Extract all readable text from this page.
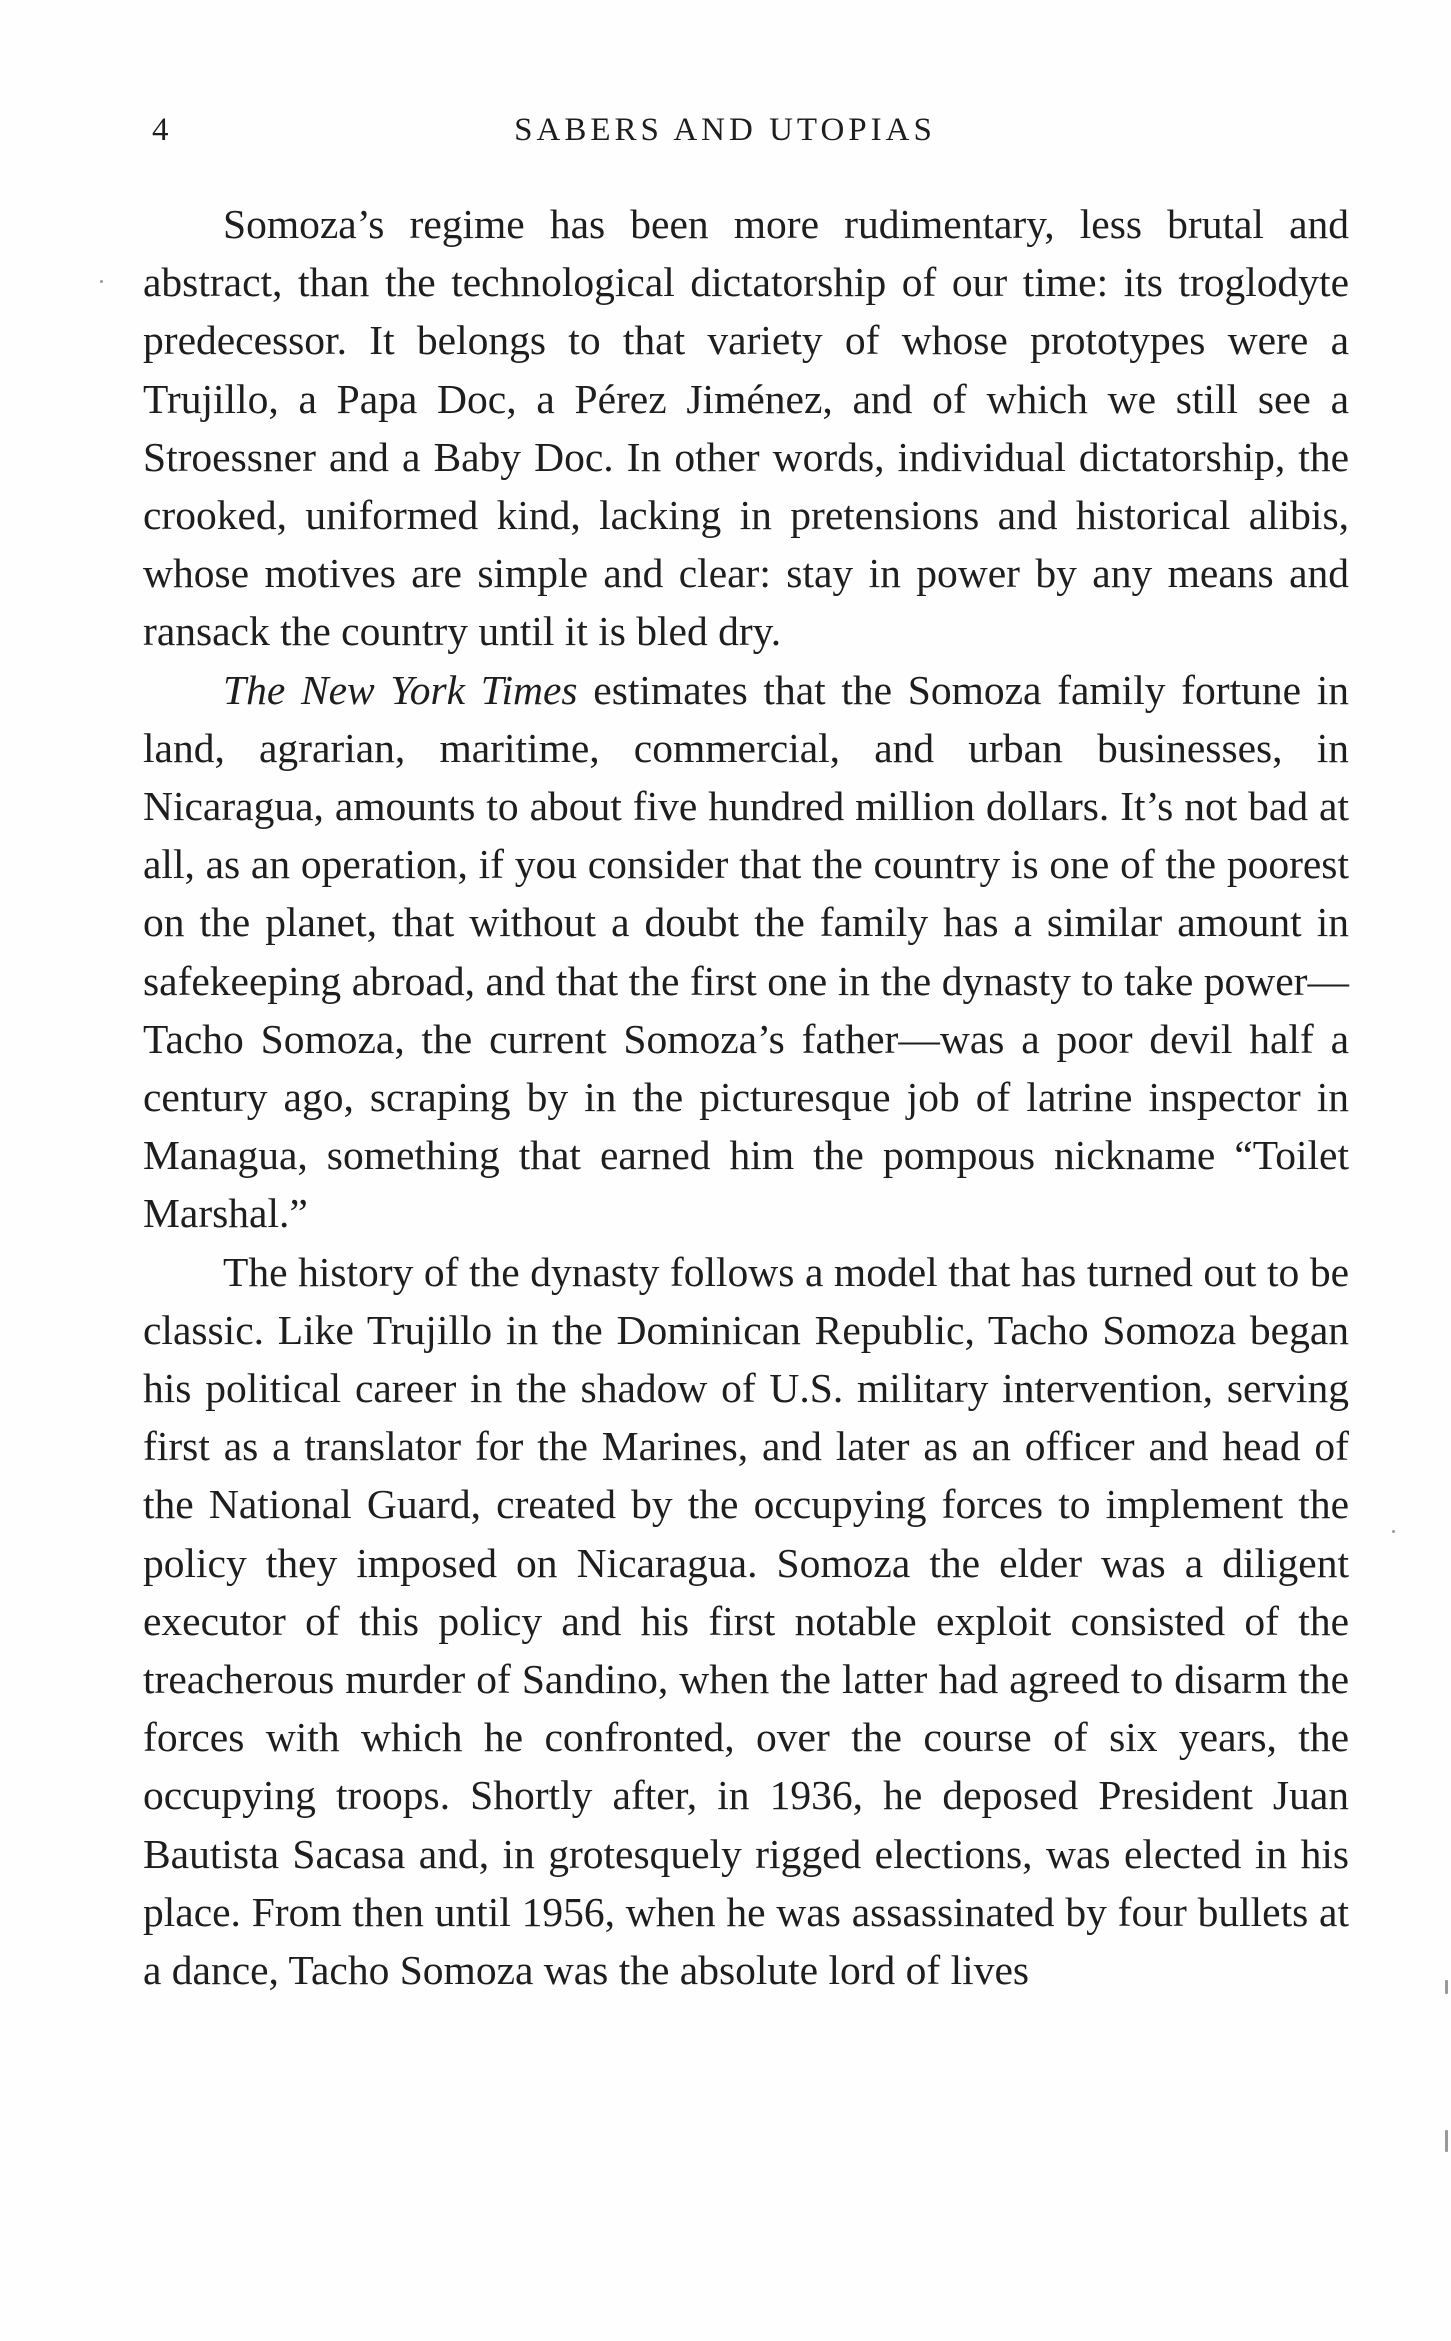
4	SABERS AND UTOPIAS

Somoza’s regime has been more rudimentary, less brutal and abstract, than the technological dictatorship of our time: its troglodyte predecessor. It belongs to that variety of whose prototypes were a Trujillo, a Papa Doc, a Pérez Jiménez, and of which we still see a Stroessner and a Baby Doc. In other words, individual dictatorship, the crooked, uniformed kind, lacking in pretensions and historical alibis, whose motives are simple and clear: stay in power by any means and ransack the country until it is bled dry.

The New York Times estimates that the Somoza family fortune in land, agrarian, maritime, commercial, and urban businesses, in Nicaragua, amounts to about five hundred million dollars. It’s not bad at all, as an operation, if you consider that the country is one of the poorest on the planet, that without a doubt the family has a similar amount in safekeeping abroad, and that the first one in the dynasty to take power—Tacho Somoza, the current Somoza’s father—was a poor devil half a century ago, scraping by in the picturesque job of latrine inspector in Managua, something that earned him the pompous nickname “Toilet Marshal.”

The history of the dynasty follows a model that has turned out to be classic. Like Trujillo in the Dominican Republic, Tacho Somoza began his political career in the shadow of U.S. military intervention, serving first as a translator for the Marines, and later as an officer and head of the National Guard, created by the occupying forces to implement the policy they imposed on Nicaragua. Somoza the elder was a diligent executor of this policy and his first notable exploit consisted of the treacherous murder of Sandino, when the latter had agreed to disarm the forces with which he confronted, over the course of six years, the occupying troops. Shortly after, in 1936, he deposed President Juan Bautista Sacasa and, in grotesquely rigged elections, was elected in his place. From then until 1956, when he was assassinated by four bullets at a dance, Tacho Somoza was the absolute lord of lives
